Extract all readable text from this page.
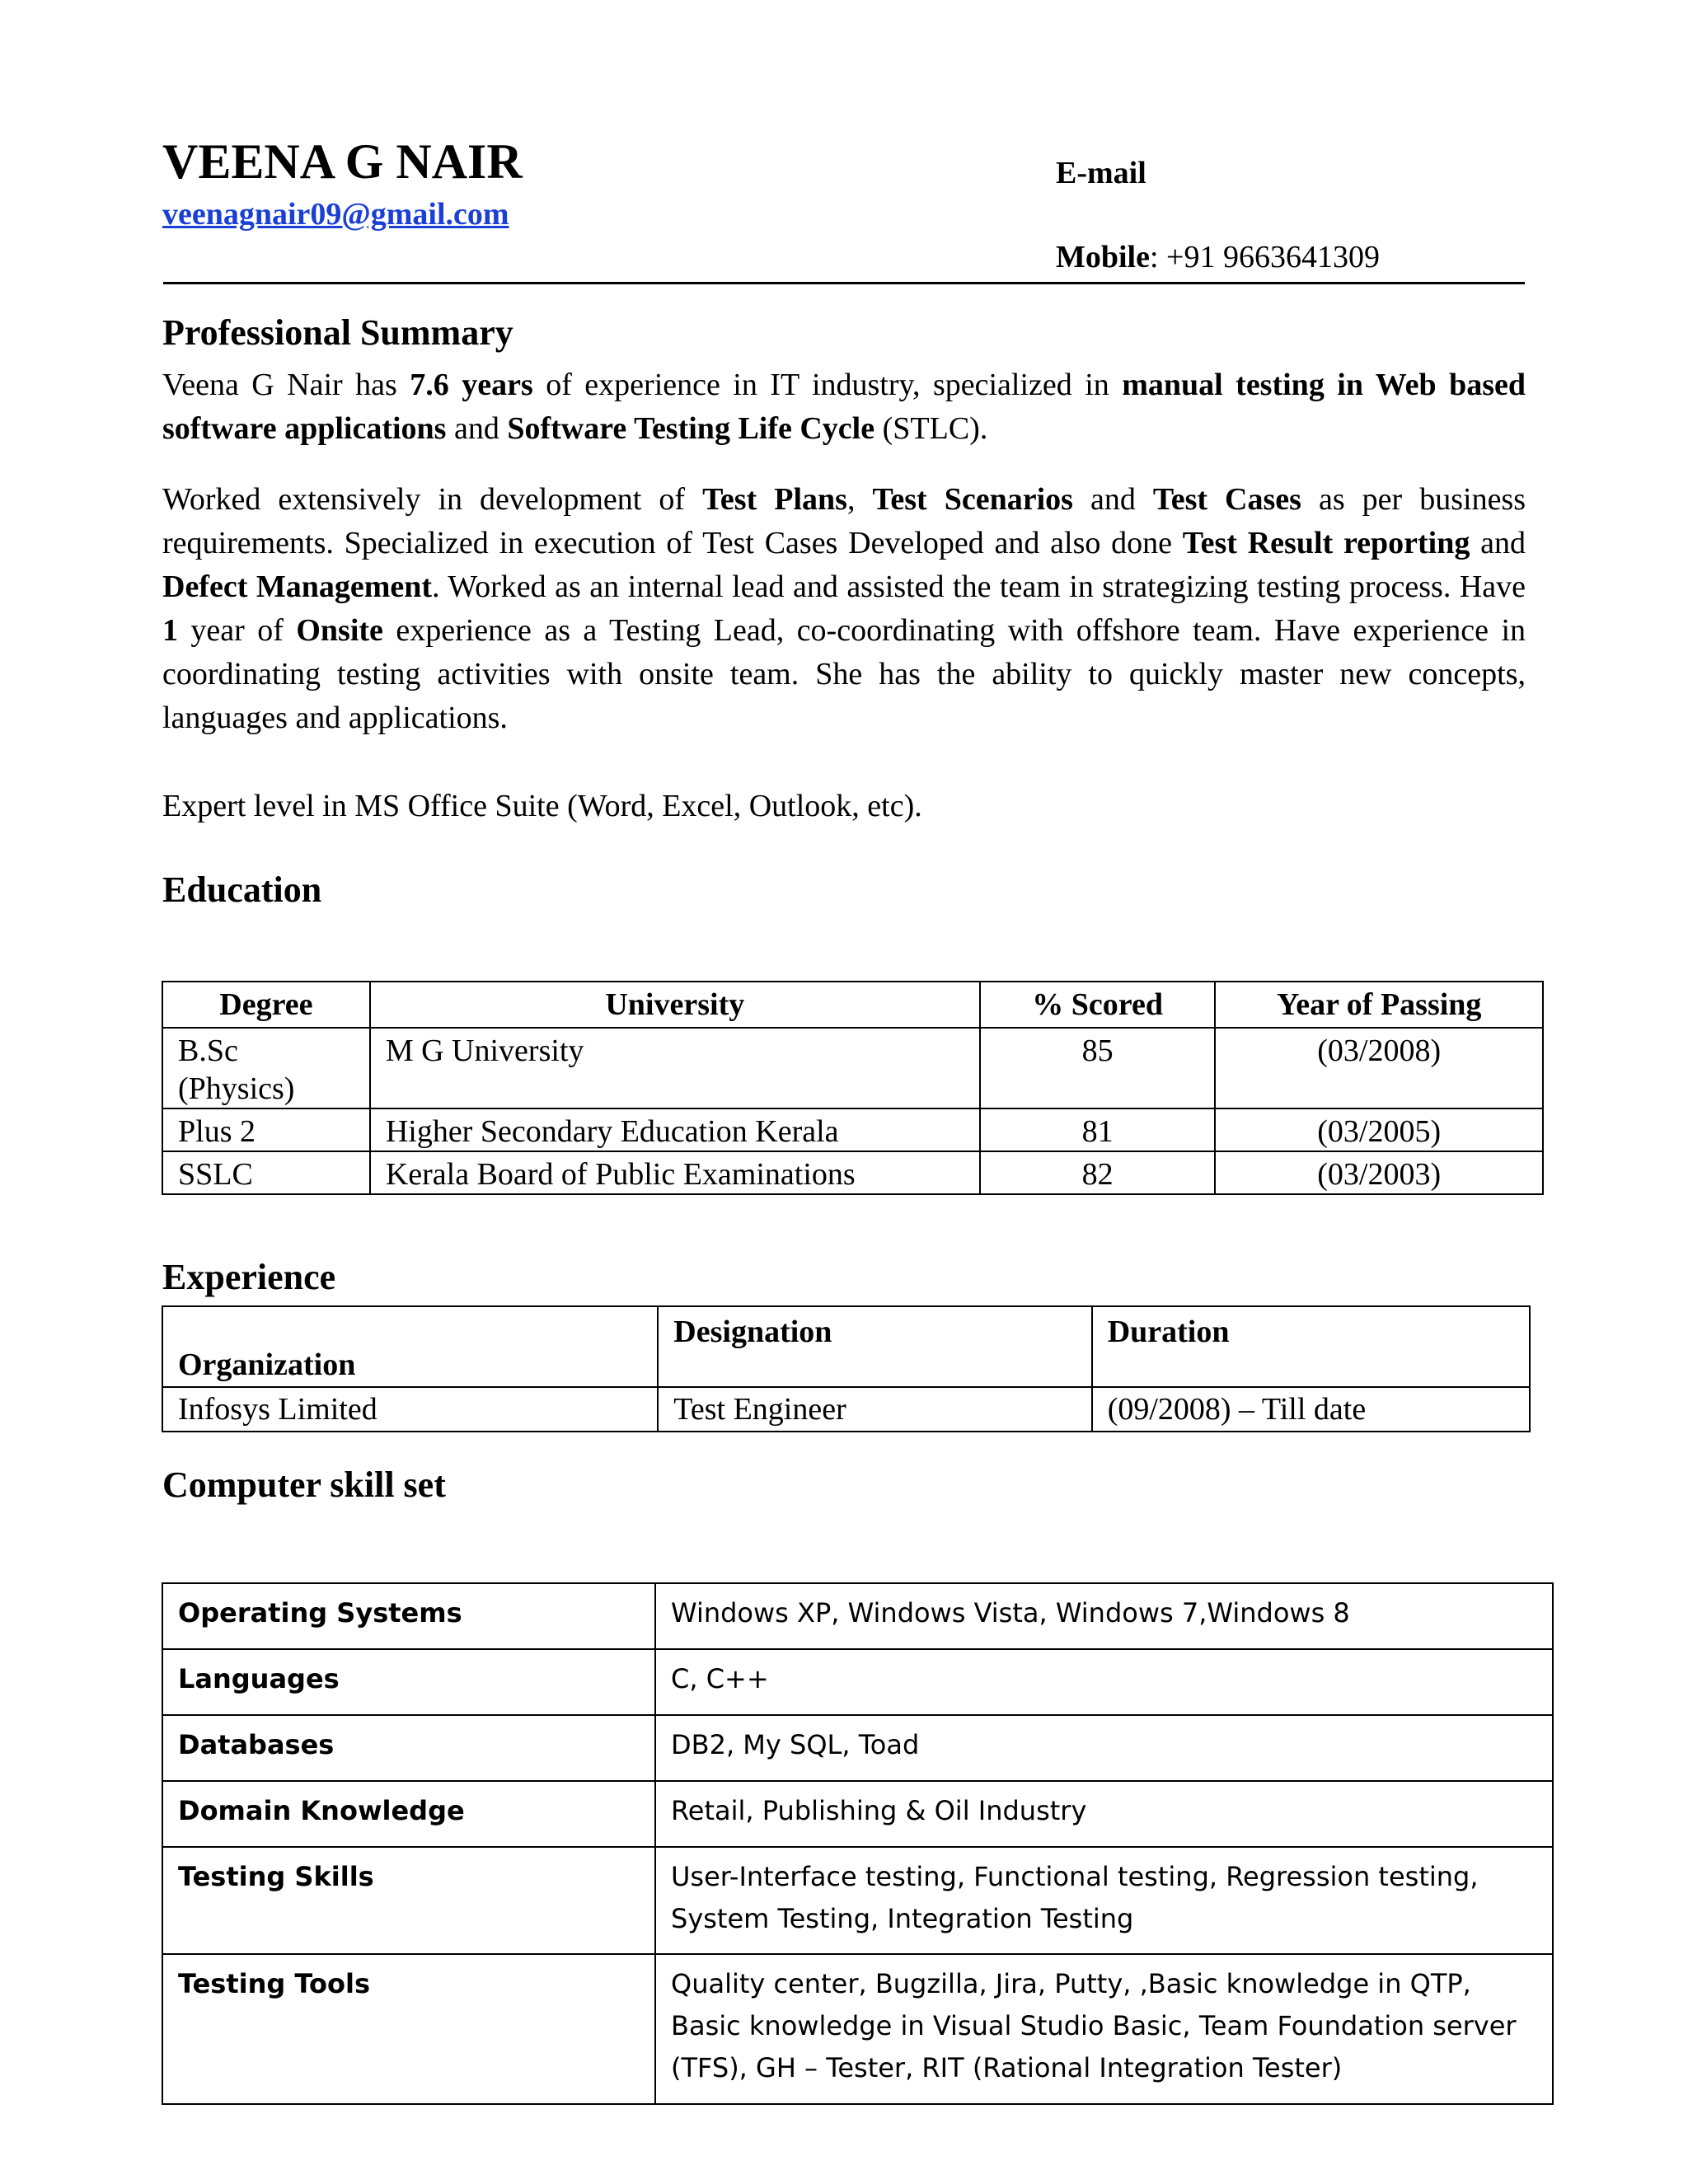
VEENA G NAIR
veenagnair09@gmail.com
E-mail
Mobile: +91 9663641309
Professional Summary

Veena G Nair has 7.6 years of experience in IT industry, specialized in manual testing in Web based software applications and Software Testing Life Cycle (STLC).

Worked extensively in development of Test Plans, Test Scenarios and Test Cases as per business requirements. Specialized in execution of Test Cases Developed and also done Test Result reporting and Defect Management. Worked as an internal lead and assisted the team in strategizing testing process. Have 1 year of Onsite experience as a Testing Lead, co-coordinating with offshore team. Have experience in coordinating testing activities with onsite team. She has the ability to quickly master new concepts, languages and applications.

Expert level in MS Office Suite (Word, Excel, Outlook, etc).

Education
Degree	University	% Scored	Year of Passing
B.Sc
(Physics)	M G University	85	(03/2008)
Plus 2	Higher Secondary Education Kerala	81	(03/2005)
SSLC	Kerala Board of Public Examinations	82	(03/2003)
Experience
Organization	Designation	Duration
Infosys Limited	Test Engineer	(09/2008) – Till date
Computer skill set
Operating Systems	Windows XP, Windows Vista, Windows 7,Windows 8
Languages	C, C++
Databases	DB2, My SQL, Toad
Domain Knowledge	Retail, Publishing & Oil Industry
Testing Skills	User-Interface testing, Functional testing, Regression testing, System Testing, Integration Testing
Testing Tools	Quality center, Bugzilla, Jira, Putty, ,Basic knowledge in QTP, Basic knowledge in Visual Studio Basic, Team Foundation server (TFS), GH – Tester, RIT (Rational Integration Tester)
